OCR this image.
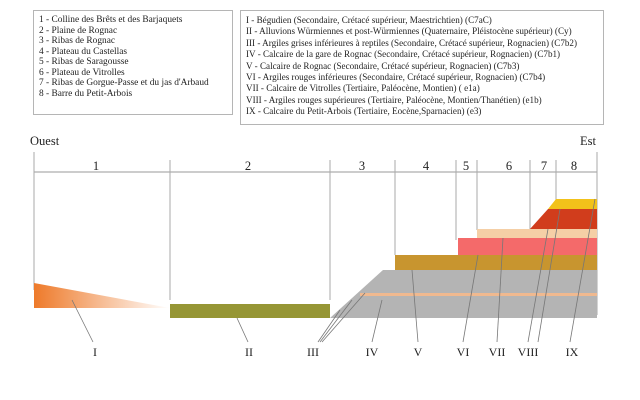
1 - Colline des Brêts et des Barjaquets
2 - Plaine de Rognac
3 - Ribas de Rognac
4 - Plateau du Castellas
5 - Ribas de Saragousse
6 - Plateau de Vitrolles
7 - Ribas de Gorgue-Passe et du jas d'Arbaud
8 - Barre du Petit-Arbois
I - Bégudien (Secondaire, Crétacé supérieur, Maestrichtien) (C7aC)
II - Alluvions Würmiennes et post-Würmiennes (Quaternaire, Pléistocène supérieur) (Cy)
III - Argiles grises inférieures à reptiles (Secondaire, Crétacé supérieur, Rognacien) (C7b2)
IV - Calcaire de la gare de Rognac (Secondaire, Crétacé supérieur, Rognacien) (C7b1)
V - Calcaire de Rognac (Secondaire, Crétacé supérieur, Rognacien) (C7b3)
VI - Argiles rouges inférieures (Secondaire, Crétacé supérieur, Rognacien) (C7b4)
VII - Calcaire de Vitrolles (Tertiaire, Paléocène, Montien) ( e1a)
VIII - Argiles rouges supérieures (Tertiaire, Paléocène, Montien/Thanétien) (e1b)
IX - Calcaire du Petit-Arbois (Tertiaire, Eocène,Sparnacien) (e3)
Ouest	Est
1	2	3	4	5	6 7 8
I	II	III	IV	V	VI VII VIII IX
